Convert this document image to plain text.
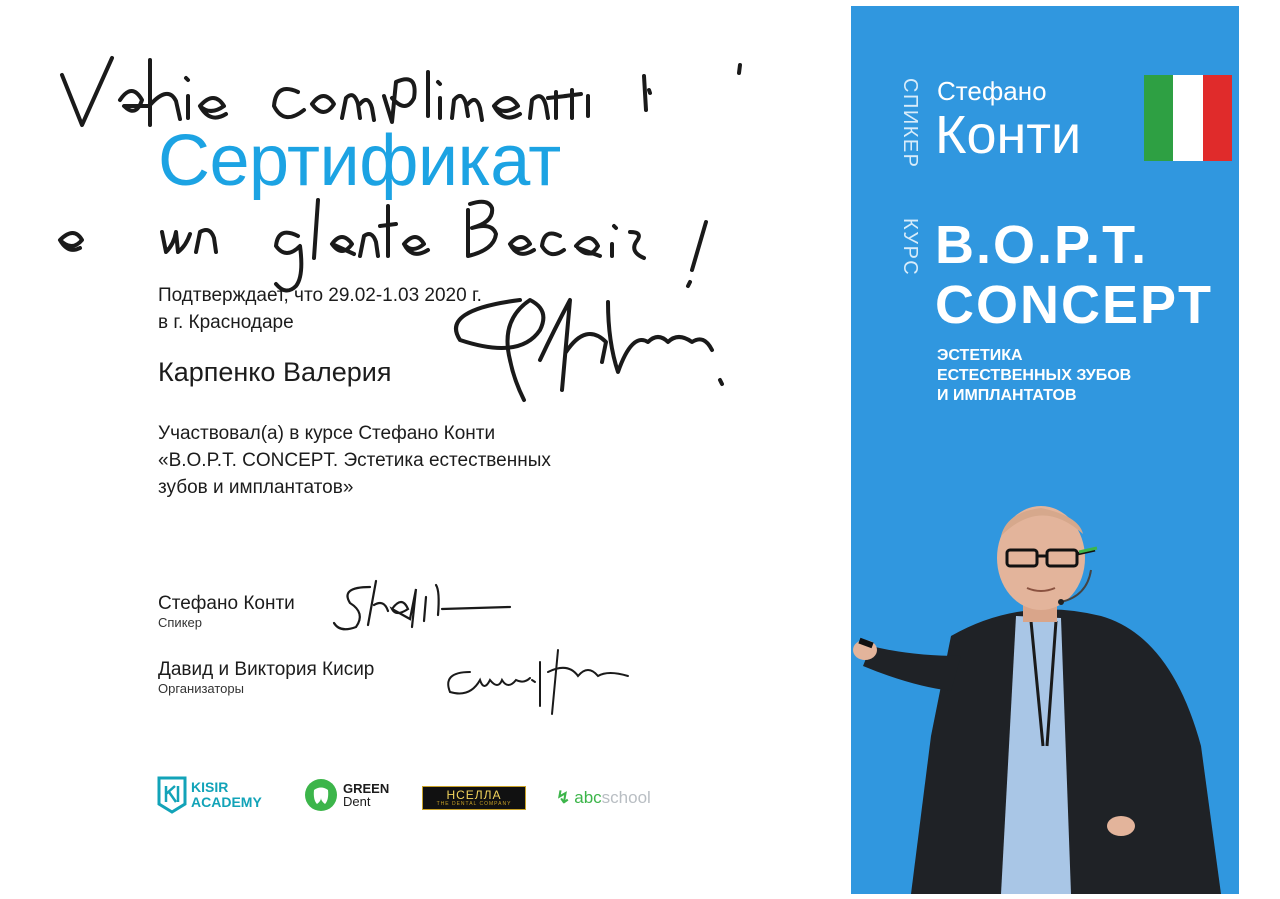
Сертификат
Подтверждает, что 29.02-1.03 2020 г.
в г. Краснодаре
Карпенко Валерия
Участвовал(а) в курсе Стефано Конти
«B.O.P.T. CONCEPT. Эстетика естественных
зубов и имплантатов»
Стефано Конти
Спикер
Давид и Виктория Кисир
Организаторы
KISIR
ACADEMY
GREEN
Dent	НСЕЛЛА
THE DENTAL COMPANY	↯ abc school
СПИКЕР
КУРС
Стефано
Конти
B.O.P.T.
CONCEPT
ЭСТЕТИКА
ЕСТЕСТВЕННЫХ ЗУБОВ
И ИМПЛАНТАТОВ
